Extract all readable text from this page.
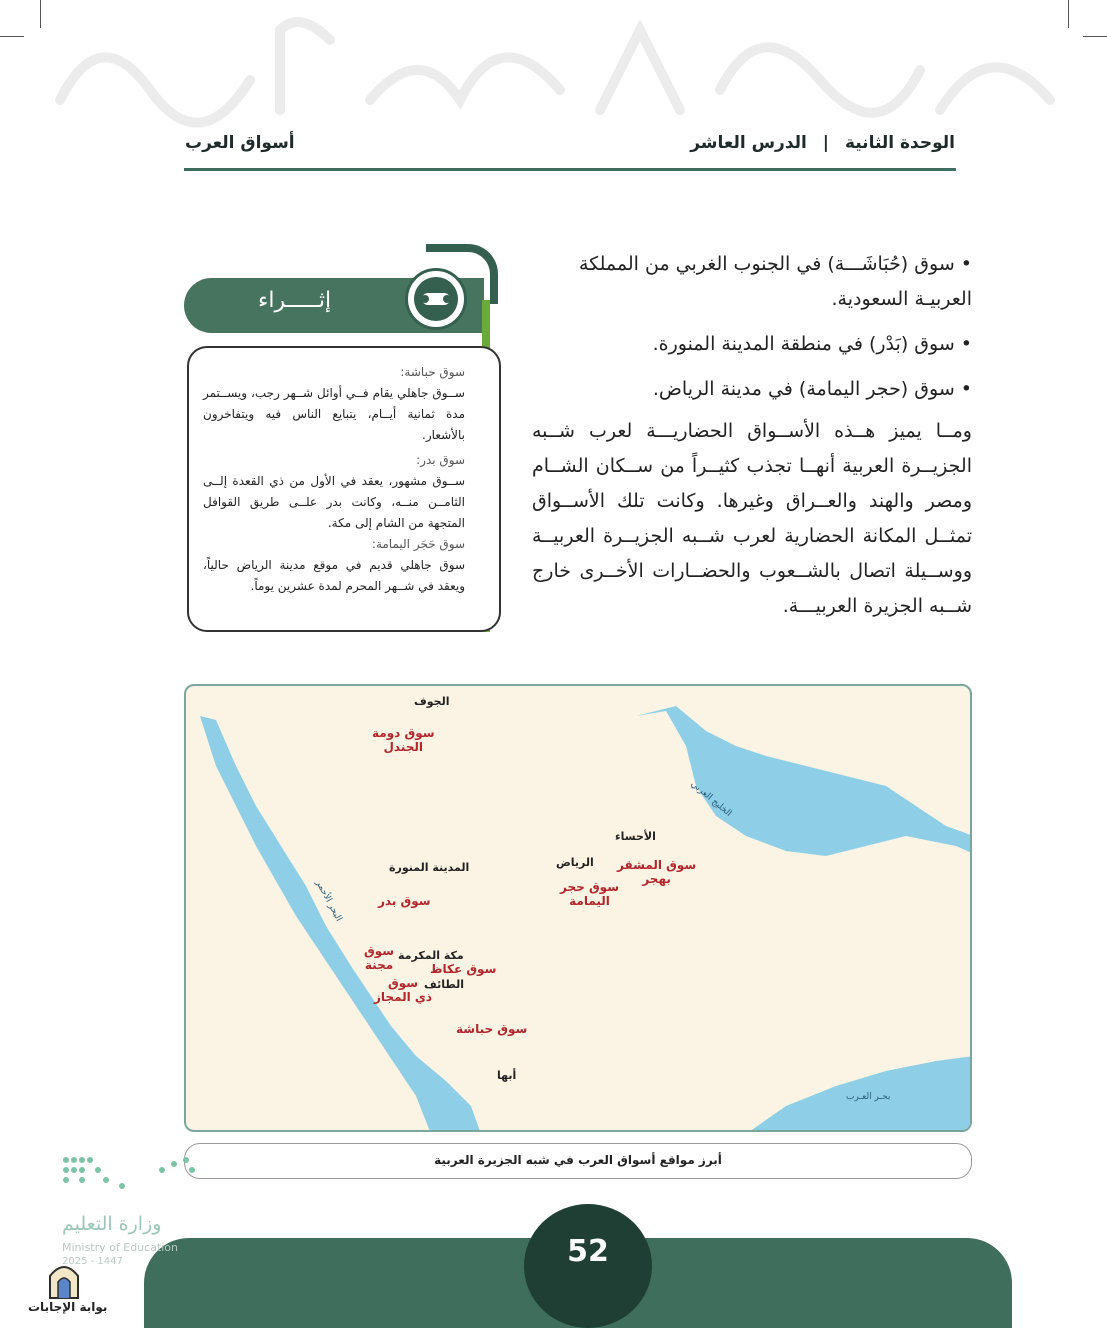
الوحدة الثانية | الدرس العاشر
أسواق العرب

• سوق (حُبَاشَـــة) في الجنوب الغربي من المملكة العربيـة السعودية.

• سوق (بَدْر) في منطقة المدينة المنورة.

• سوق (حجر اليمامة) في مدينة الرياض.

ومــا يميز هــذه الأســواق الحضاريـــة لعرب شــبه الجزيــرة العربية أنهــا تجذب كثيــراً من ســكان الشــام ومصر والهند والعــراق وغيرها. وكانت تلك الأســواق تمثــل المكانة الحضارية لعرب شــبه الجزيــرة العربيــة ووســيلة اتصال بالشــعوب والحضــارات الأخــرى خارج شــبه الجزيرة العربيـــة.

إثـــــراء
سوق حباشة:

ســوق جاهلي يقام فــي أوائل شــهر رجب، ويســتمر مدة ثمانية أيــام، يتبايع الناس فيه ويتفاخرون بالأشعار.

سوق بدر:

ســوق مشهور، يعقد في الأول من ذي القعدة إلــى الثامــن منــه، وكانت بدر علــى طريق القوافل المتجهة من الشام إلى مكة.

سوق حَجَر اليمامة:

سوق جاهلي قديم في موقع مدينة الرياض حالياً، ويعقد في شــهر المحرم لمدة عشرين يوماً.

الجوف
سوق دومة
الجندل
المدينة المنورة
سوق بدر
مكة المكرمة
سوق
مجنة	سوق عكاظ
الطائف
سوق
ذي المجاز
سوق حباشة
أبها
الرياض
سوق حجر
اليمامة
الأحساء
سوق المشقر
بهجر
البحر الأحمر
الخليج العربي
بحـر العـرب
أبرز مواقع أسواق العرب في شبه الجزيرة العربية
52
وزارة التعليم
Ministry of Education
2025 - 1447
بوابة الإجابات
